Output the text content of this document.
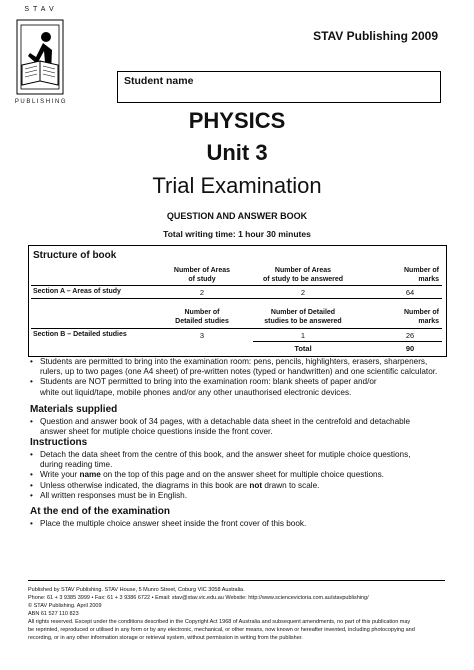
STAV
PUBLISHING
STAV Publishing 2009
Student name
PHYSICS
Unit 3
Trial Examination
QUESTION AND ANSWER BOOK
Total writing time: 1 hour 30 minutes
Structure of book
Number of Areas
of study
Number of Areas
of study to be answered
Number of
marks
Section A – Areas of study	2	2	64
Number of
Detailed studies
Number of Detailed
studies to be answered
Number of
marks
Section B – Detailed studies	3	1	26
Total	90

• Students are permitted to bring into the examination room: pens, pencils, highlighters, erasers, sharpeners,
rulers, up to two pages (one A4 sheet) of pre-written notes (typed or handwritten) and one scientific calculator.

• Students are NOT permitted to bring into the examination room: blank sheets of paper and/or
white out liquid/tape, mobile phones and/or any other unauthorised electronic devices.

Materials supplied

• Question and answer book of 34 pages, with a detachable data sheet in the centrefold and detachable
answer sheet for mutiple choice questions inside the front cover.

Instructions

• Detach the data sheet from the centre of this book, and the answer sheet for mutiple choice questions,
during reading time.

• Write your name on the top of this page and on the answer sheet for multiple choice questions.

• Unless otherwise indicated, the diagrams in this book are not drawn to scale.

• All written responses must be in English.

At the end of the examination

• Place the multiple choice answer sheet inside the front cover of this book.

Published by STAV Publishing. STAV House, 5 Munro Street, Coburg VIC 3058 Australia.
Phone: 61 + 3 9385 3999 • Fax: 61 + 3 9386 6722 • Email: stav@stav.vic.edu.au Website: http://www.sciencevictoria.com.au/stavpublishing/
© STAV Publishing. April 2009
ABN 61 527 110 823
All rights reserved. Except under the conditions described in the Copyright Act 1968 of Australia and subsequent amendments, no part of this publication may
be reprinted, reproduced or utilised in any form or by any electronic, mechanical, or other means, now known or hereafter invented, including photocopying and
recording, or in any other information storage or retrieval system, without permission in writing from the publisher.
